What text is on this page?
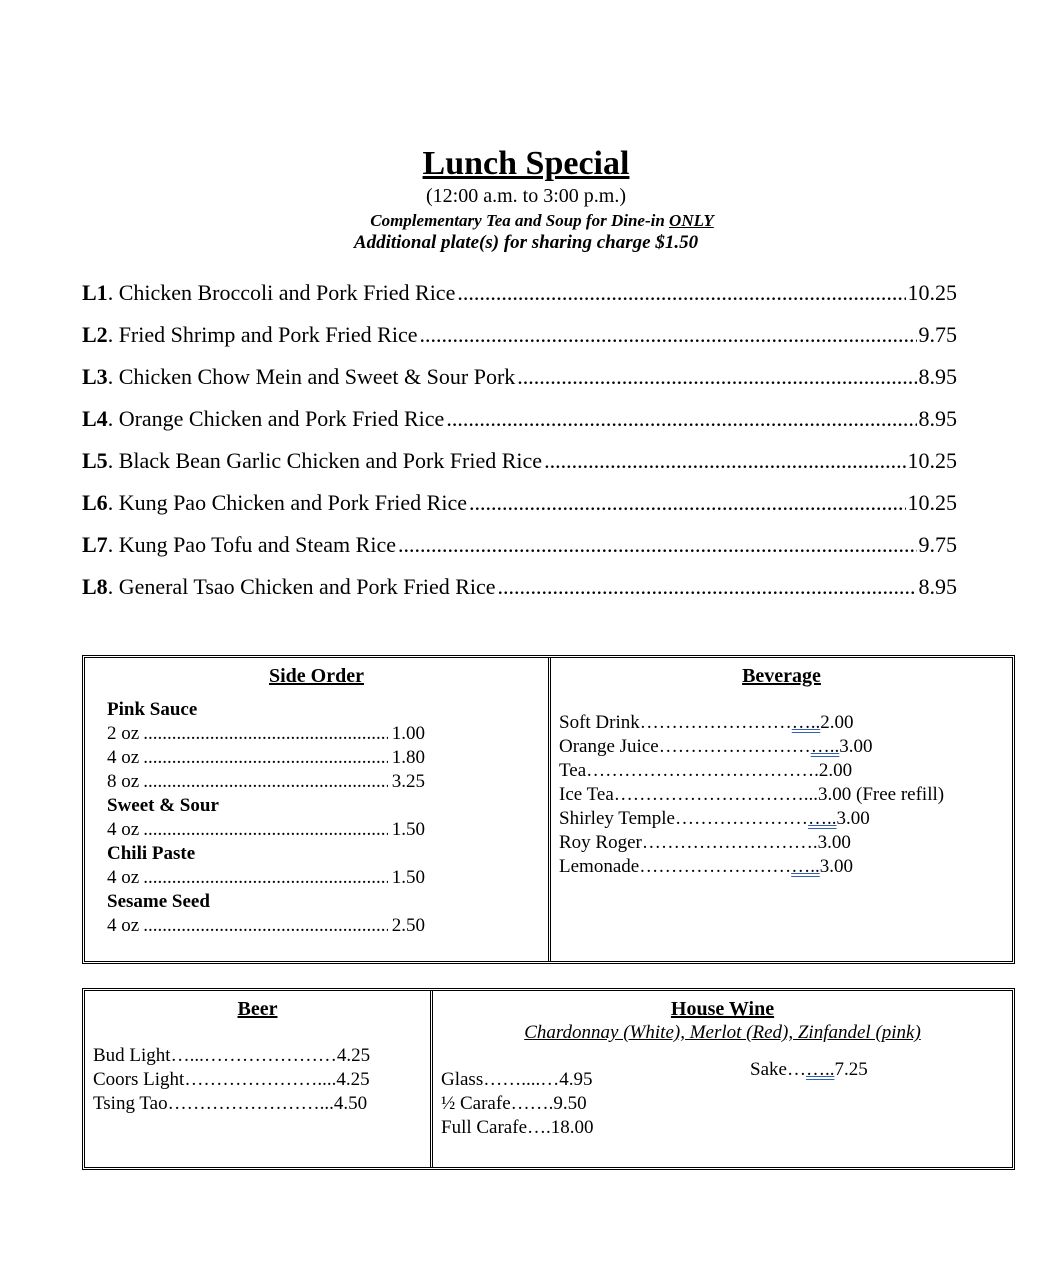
Lunch Special
(12:00 a.m. to 3:00 p.m.)
Complementary Tea and Soup for Dine-in ONLY
Additional plate(s) for sharing charge $1.50
L1 . Chicken Broccoli and Pork Fried Rice .....	10.25
L2 . Fried Shrimp and Pork Fried Rice .....	9.75
L3 . Chicken Chow Mein and Sweet & Sour Pork .....	8.95
L4 . Orange Chicken and Pork Fried Rice .....	8.95
L5 . Black Bean Garlic Chicken and Pork Fried Rice .....	10.25
L6 . Kung Pao Chicken and Pork Fried Rice .....	10.25
L7 . Kung Pao Tofu and Steam Rice .....	9.75
L8 . General Tsao Chicken and Pork Fried Rice .....	8.95
Side Order
Pink Sauce
2 oz .....	1.00
4 oz .....	1.80
8 oz .....	3.25
Sweet & Sour
4 oz .....	1.50
Chili Paste
4 oz .....	1.50
Sesame Seed
4 oz .....	2.50
Beverage
Soft Drink………………………..2.00
Orange Juice………………………..3.00
Tea……………………………….2.00
Ice Tea…………………………...3.00 (Free refill)
Shirley Temple……………………..3.00
Roy Roger……………………….3.00
Lemonade………………………..3.00
Beer
Bud Light…...…………………4.25
Coors Light…………………....4.25
Tsing Tao……………………...4.50
House Wine
Chardonnay (White), Merlot (Red), Zinfandel (pink)
Glass……....…4.95
½ Carafe…….9.50
Full Carafe….18.00
Sake……..7.25
